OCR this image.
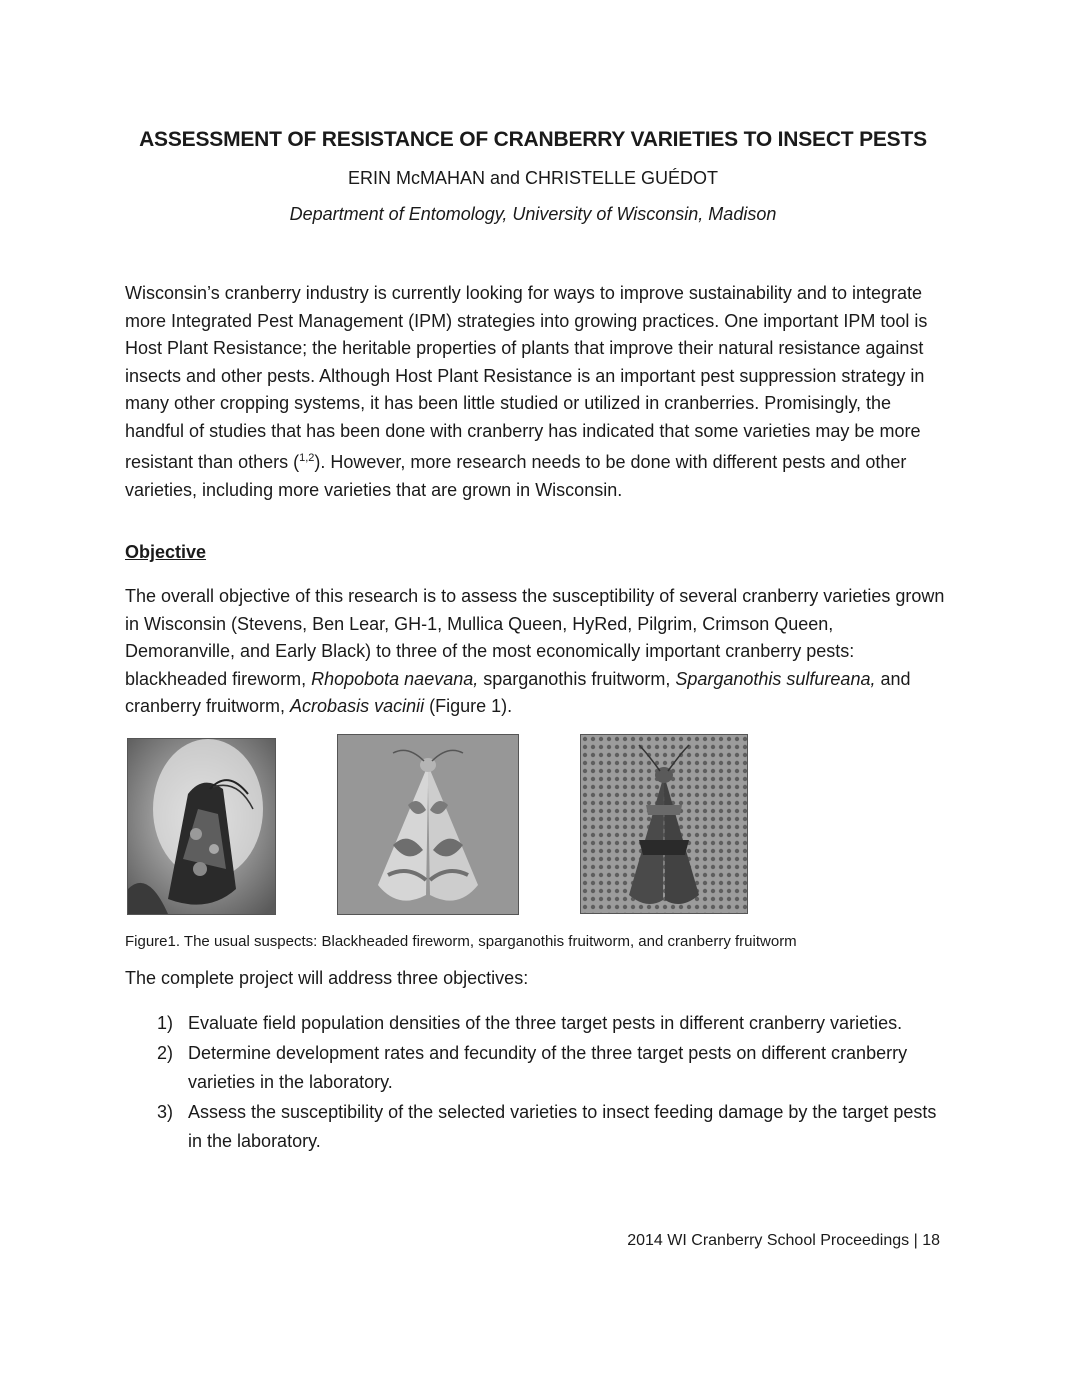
ASSESSMENT OF RESISTANCE OF CRANBERRY VARIETIES TO INSECT PESTS
ERIN McMAHAN and CHRISTELLE GUÉDOT
Department of Entomology, University of Wisconsin, Madison

Wisconsin’s cranberry industry is currently looking for ways to improve sustainability and to integrate more Integrated Pest Management (IPM) strategies into growing practices. One important IPM tool is Host Plant Resistance; the heritable properties of plants that improve their natural resistance against insects and other pests. Although Host Plant Resistance is an important pest suppression strategy in many other cropping systems, it has been little studied or utilized in cranberries. Promisingly, the handful of studies that has been done with cranberry has indicated that some varieties may be more resistant than others ($^{1,2}$). However, more research needs to be done with different pests and other varieties, including more varieties that are grown in Wisconsin.

Objective

The overall objective of this research is to assess the susceptibility of several cranberry varieties grown in Wisconsin (Stevens, Ben Lear, GH-1, Mullica Queen, HyRed, Pilgrim, Crimson Queen, Demoranville, and Early Black) to three of the most economically important cranberry pests: blackheaded fireworm, Rhopobota naevana, sparganothis fruitworm, Sparganothis sulfureana, and cranberry fruitworm, Acrobasis vacinii (Figure 1).

Figure1. The usual suspects: Blackheaded fireworm, sparganothis fruitworm, and cranberry fruitworm
The complete project will address three objectives:
1) Evaluate field population densities of the three target pests in different cranberry varieties.
2) Determine development rates and fecundity of the three target pests on different cranberry varieties in the laboratory.
3) Assess the susceptibility of the selected varieties to insect feeding damage by the target pests in the laboratory.
2014 WI Cranberry School Proceedings | 18
